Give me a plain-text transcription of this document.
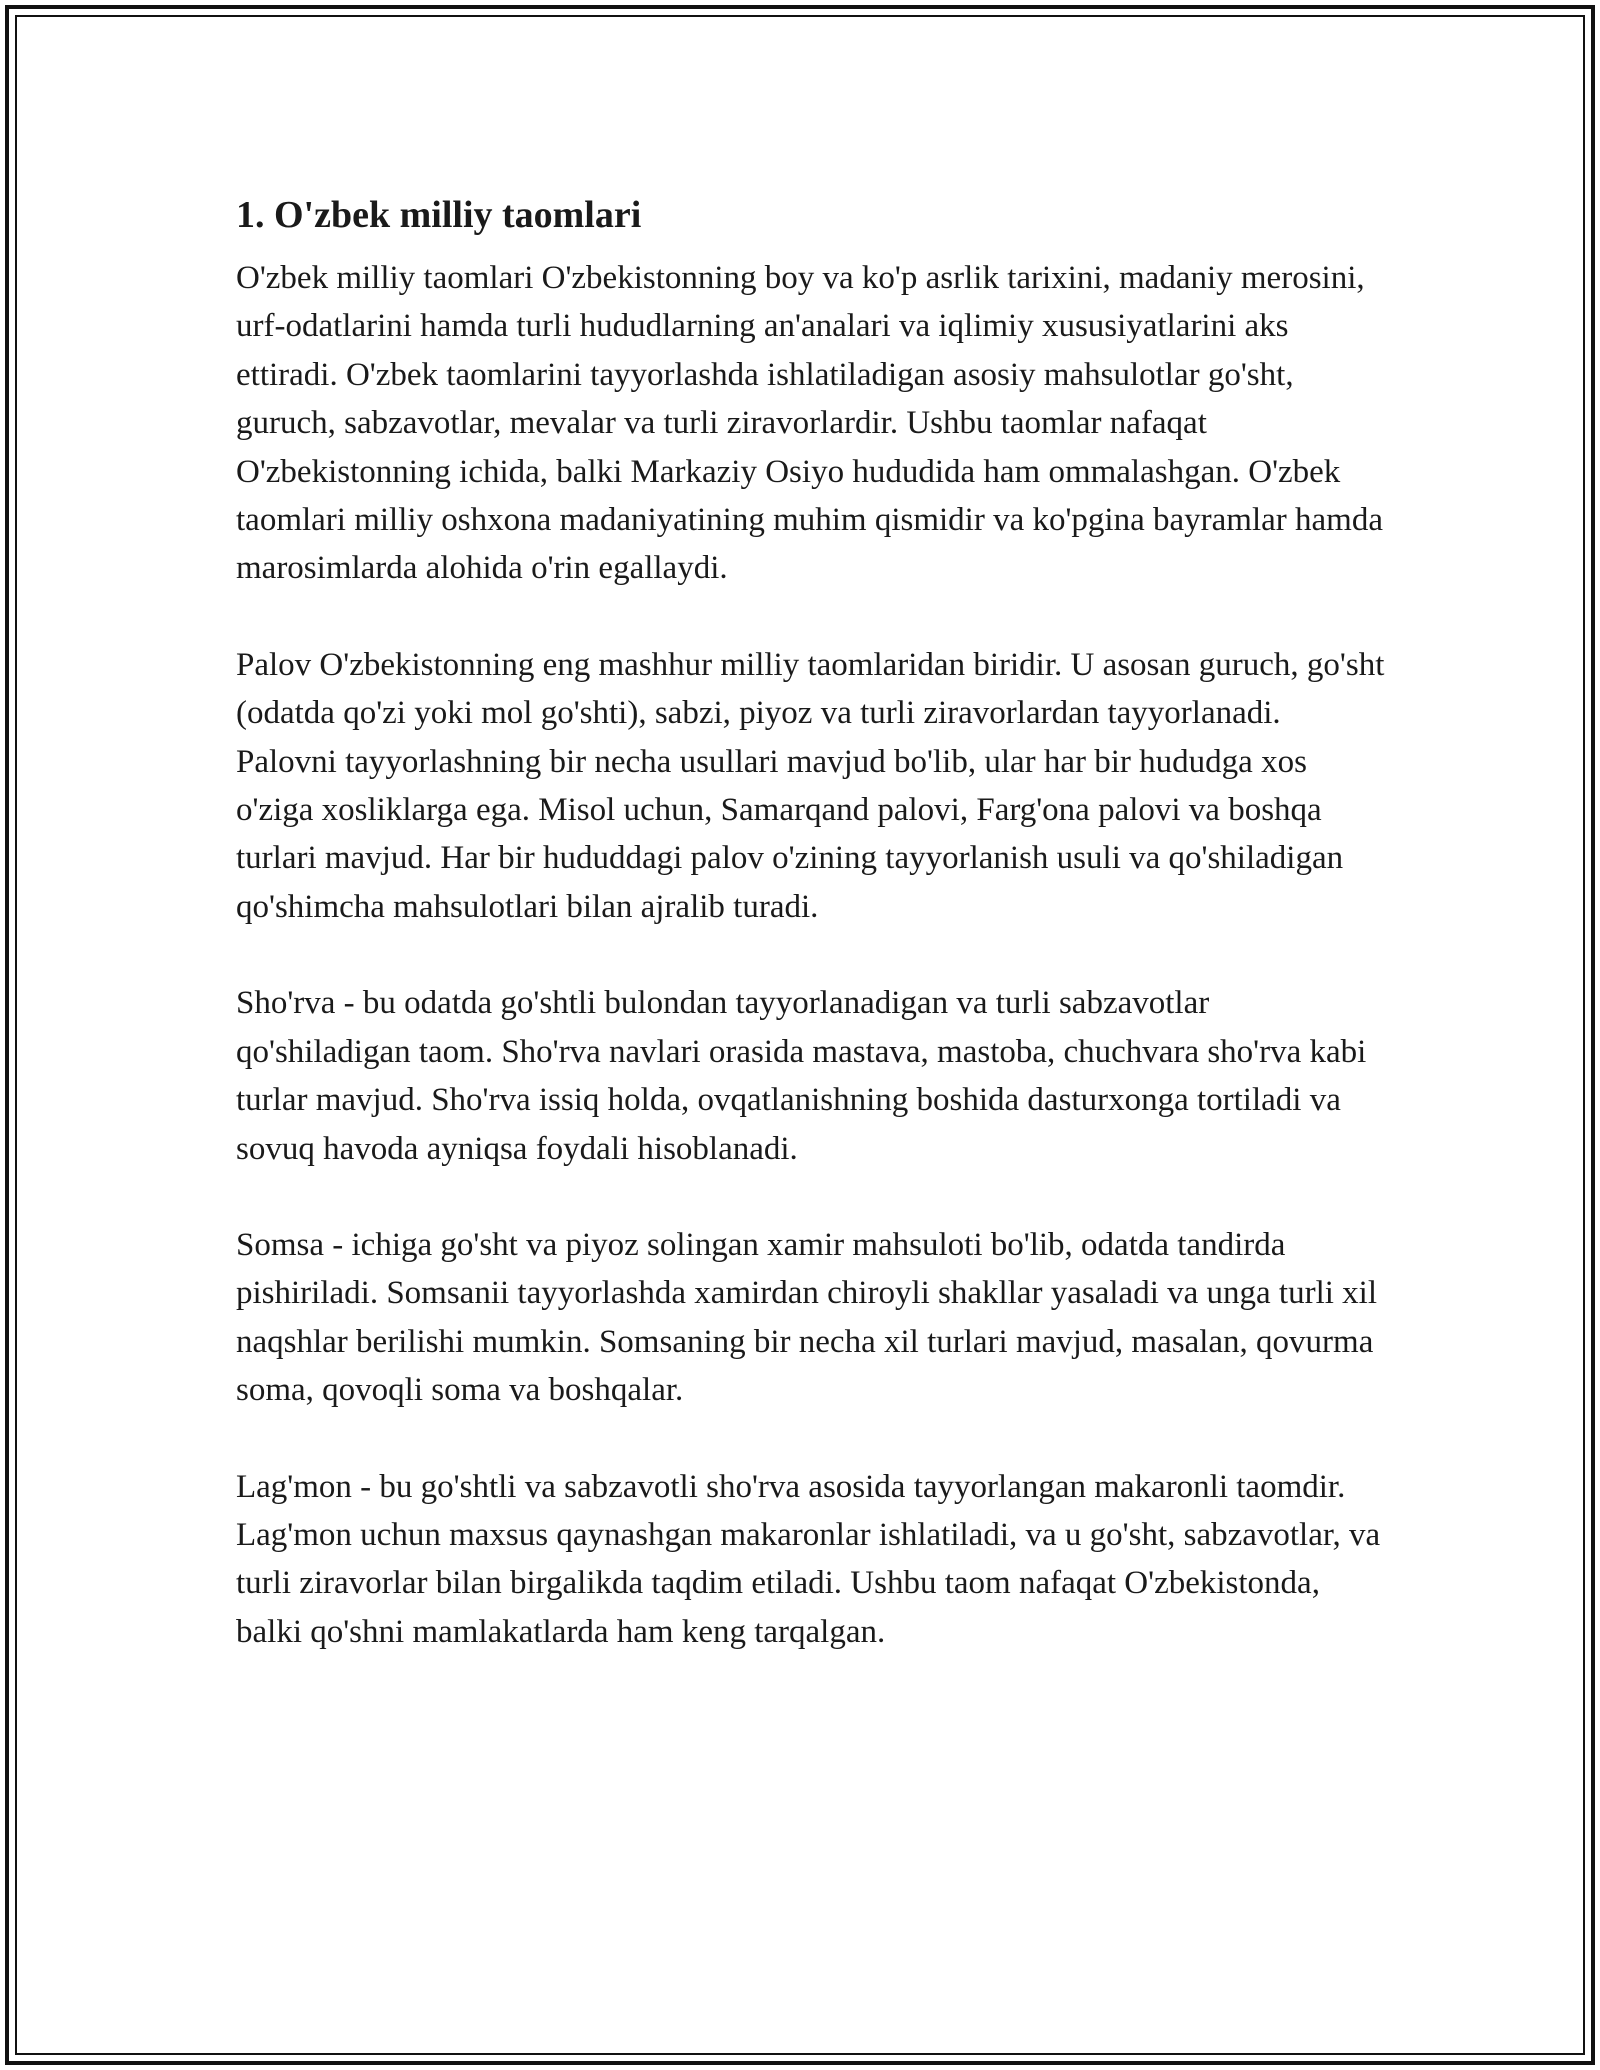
1. O'zbek milliy taomlari

O'zbek milliy taomlari O'zbekistonning boy va ko'p asrlik tarixini, madaniy merosini, urf-odatlarini hamda turli hududlarning an'analari va iqlimiy xususiyatlarini aks ettiradi. O'zbek taomlarini tayyorlashda ishlatiladigan asosiy mahsulotlar go'sht, guruch, sabzavotlar, mevalar va turli ziravorlardir. Ushbu taomlar nafaqat O'zbekistonning ichida, balki Markaziy Osiyo hududida ham ommalashgan. O'zbek taomlari milliy oshxona madaniyatining muhim qismidir va ko'pgina bayramlar hamda marosimlarda alohida o'rin egallaydi.

Palov O'zbekistonning eng mashhur milliy taomlaridan biridir. U asosan guruch, go'sht (odatda qo'zi yoki mol go'shti), sabzi, piyoz va turli ziravorlardan tayyorlanadi. Palovni tayyorlashning bir necha usullari mavjud bo'lib, ular har bir hududga xos o'ziga xosliklarga ega. Misol uchun, Samarqand palovi, Farg'ona palovi va boshqa turlari mavjud. Har bir hududdagi palov o'zining tayyorlanish usuli va qo'shiladigan qo'shimcha mahsulotlari bilan ajralib turadi.

Sho'rva - bu odatda go'shtli bulondan tayyorlanadigan va turli sabzavotlar qo'shiladigan taom. Sho'rva navlari orasida mastava, mastoba, chuchvara sho'rva kabi turlar mavjud. Sho'rva issiq holda, ovqatlanishning boshida dasturxonga tortiladi va sovuq havoda ayniqsa foydali hisoblanadi.

Somsa - ichiga go'sht va piyoz solingan xamir mahsuloti bo'lib, odatda tandirda pishiriladi. Somsanii tayyorlashda xamirdan chiroyli shakllar yasaladi va unga turli xil naqshlar berilishi mumkin. Somsaning bir necha xil turlari mavjud, masalan, qovurma soma, qovoqli soma va boshqalar.

Lag'mon - bu go'shtli va sabzavotli sho'rva asosida tayyorlangan makaronli taomdir. Lag'mon uchun maxsus qaynashgan makaronlar ishlatiladi, va u go'sht, sabzavotlar, va turli ziravorlar bilan birgalikda taqdim etiladi. Ushbu taom nafaqat O'zbekistonda, balki qo'shni mamlakatlarda ham keng tarqalgan.
